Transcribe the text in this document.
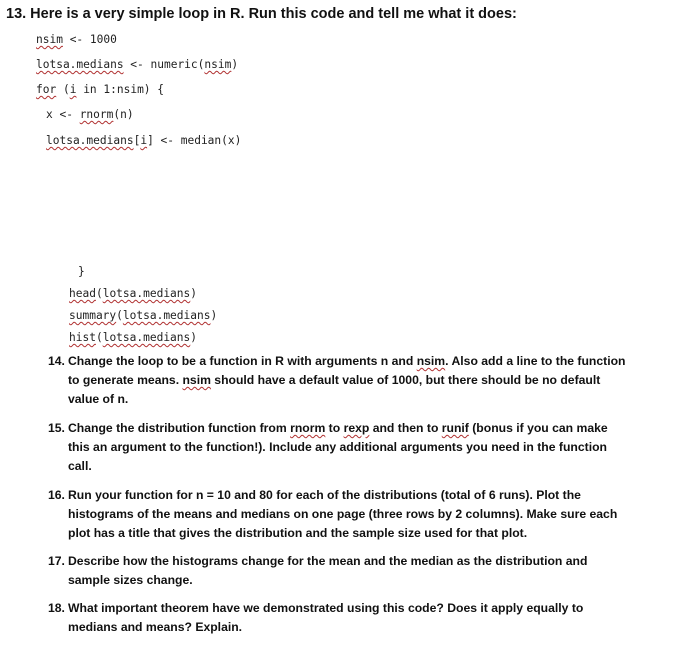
13. Here is a very simple loop in R. Run this code and tell me what it does:
nsim <- 1000
lotsa.medians <- numeric(nsim)
for (i in 1:nsim) {
x <- rnorm(n)
lotsa.medians[i] <- median(x)
}
head(lotsa.medians)
summary(lotsa.medians)
hist(lotsa.medians)
14. Change the loop to be a function in R with arguments n and nsim. Also add a line to the function to generate means. nsim should have a default value of 1000, but there should be no default value of n.
15. Change the distribution function from rnorm to rexp and then to runif (bonus if you can make this an argument to the function!). Include any additional arguments you need in the function call.
16. Run your function for n = 10 and 80 for each of the distributions (total of 6 runs). Plot the histograms of the means and medians on one page (three rows by 2 columns). Make sure each plot has a title that gives the distribution and the sample size used for that plot.
17. Describe how the histograms change for the mean and the median as the distribution and sample sizes change.
18. What important theorem have we demonstrated using this code? Does it apply equally to medians and means? Explain.
